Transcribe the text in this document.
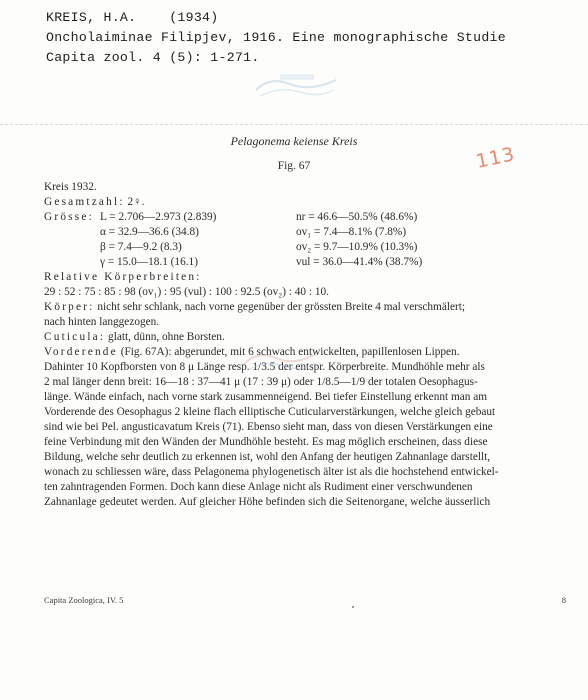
KREIS, H.A.    (1934)
Oncholaiminae Filipjev, 1916. Eine monographische Studie
Capita zool. 4 (5): 1-271.
113
Pelagonema keiense Kreis
Fig. 67
Kreis 1932.
Gesamtzahl: 2♀.
Grösse: L = 2.706—2.973 (2.839)	nr = 46.6—50.5% (48.6%)
α = 32.9—36.6 (34.8)	ov₁ = 7.4—8.1% (7.8%)
β = 7.4—9.2 (8.3)	ov₂ = 9.7—10.9% (10.3%)
γ = 15.0—18.1 (16.1)	vul = 36.0—41.4% (38.7%)
Relative Körperbreiten:
29 : 52 : 75 : 85 : 98 (ov₁) : 95 (vul) : 100 : 92.5 (ov₂) : 40 : 10.
Körper: nicht sehr schlank, nach vorne gegenüber der grössten Breite 4 mal verschmälert;
nach hinten langgezogen.
Cuticula: glatt, dünn, ohne Borsten.
Vorderende (Fig. 67A): abgerundet, mit 6 schwach entwickelten, papillenlosen Lippen.
Dahinter 10 Kopfborsten von 8 μ Länge resp. 1/3.5 der entspr. Körperbreite. Mundhöhle mehr als
2 mal länger denn breit: 16—18 : 37—41 μ (17 : 39 μ) oder 1/8.5—1/9 der totalen Oesophagus-
länge. Wände einfach, nach vorne stark zusammenneigend. Bei tiefer Einstellung erkennt man am
Vorderende des Oesophagus 2 kleine flach elliptische Cuticularverstärkungen, welche gleich gebaut
sind wie bei Pel. angusticavatum Kreis (71). Ebenso sieht man, dass von diesen Verstärkungen eine
feine Verbindung mit den Wänden der Mundhöhle besteht. Es mag möglich erscheinen, dass diese
Bildung, welche sehr deutlich zu erkennen ist, wohl den Anfang der heutigen Zahnanlage darstellt,
wonach zu schliessen wäre, dass Pelagonema phylogenetisch älter ist als die hochstehend entwickel-
ten zahntragenden Formen. Doch kann diese Anlage nicht als Rudiment einer verschwundenen
Zahnanlage gedeutet werden. Auf gleicher Höhe befinden sich die Seitenorgane, welche äusserlich
Capita Zoologica, IV. 5	8
